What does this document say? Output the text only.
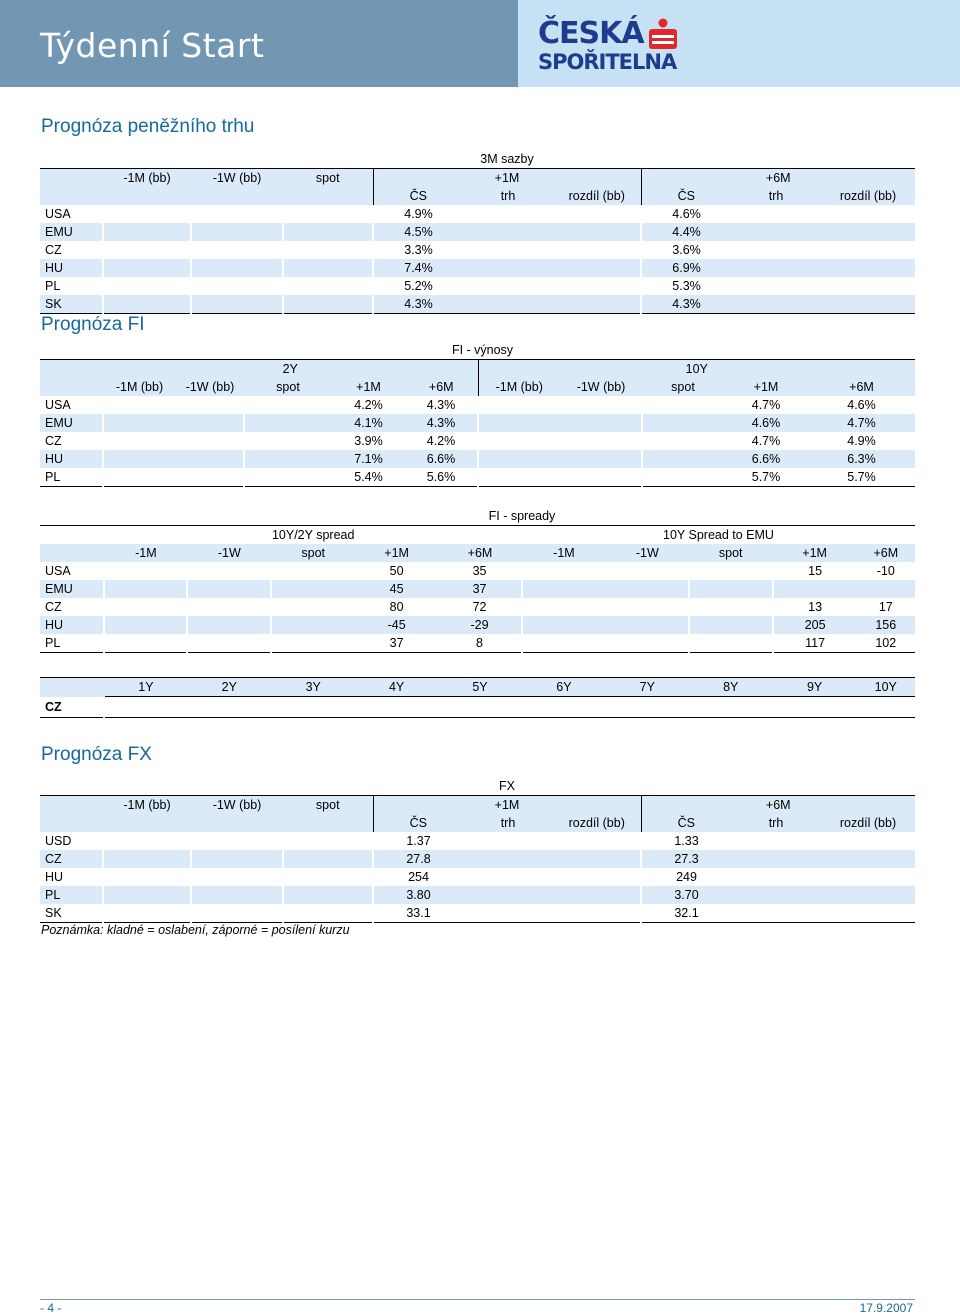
Týdenní Start	ČESKÁ
SPOŘITELNA
Prognóza peněžního trhu
				3M sazby					
	-1M (bb)	-1W (bb)	spot	+1M			+6M		
				ČS	trh	rozdíl (bb)	ČS	trh	rozdíl (bb)
USA				4.9%			4.6%		
EMU				4.5%			4.4%		
CZ				3.3%			3.6%		
HU				7.4%			6.9%		
PL				5.2%			5.3%		
SK				4.3%			4.3%		
Prognóza FI
					FI - výnosy					
	2Y					10Y				
	-1M (bb)	-1W (bb)	spot	+1M	+6M	-1M (bb)	-1W (bb)	spot	+1M	+6M
USA				4.2%	4.3%				4.7%	4.6%
EMU				4.1%	4.3%				4.6%	4.7%
CZ				3.9%	4.2%				4.7%	4.9%
HU				7.1%	6.6%				6.6%	6.3%
PL				5.4%	5.6%				5.7%	5.7%
					FI - spready					
	10Y/2Y spread					10Y Spread to EMU				
	-1M	-1W	spot	+1M	+6M	-1M	-1W	spot	+1M	+6M
USA				50	35				15	-10
EMU				45	37					
CZ				80	72				13	17
HU				-45	-29				205	156
PL				37	8				117	102
	1Y	2Y	3Y	4Y	5Y	6Y	7Y	8Y	9Y	10Y
CZ										
Prognóza FX
				FX					
	-1M (bb)	-1W (bb)	spot	+1M			+6M		
				ČS	trh	rozdíl (bb)	ČS	trh	rozdíl (bb)
USD				1.37			1.33		
CZ				27.8			27.3		
HU				254			249		
PL				3.80			3.70		
SK				33.1			32.1		
Poznámka: kladné = oslabení, záporné = posílení kurzu
- 4 -	17.9.2007
